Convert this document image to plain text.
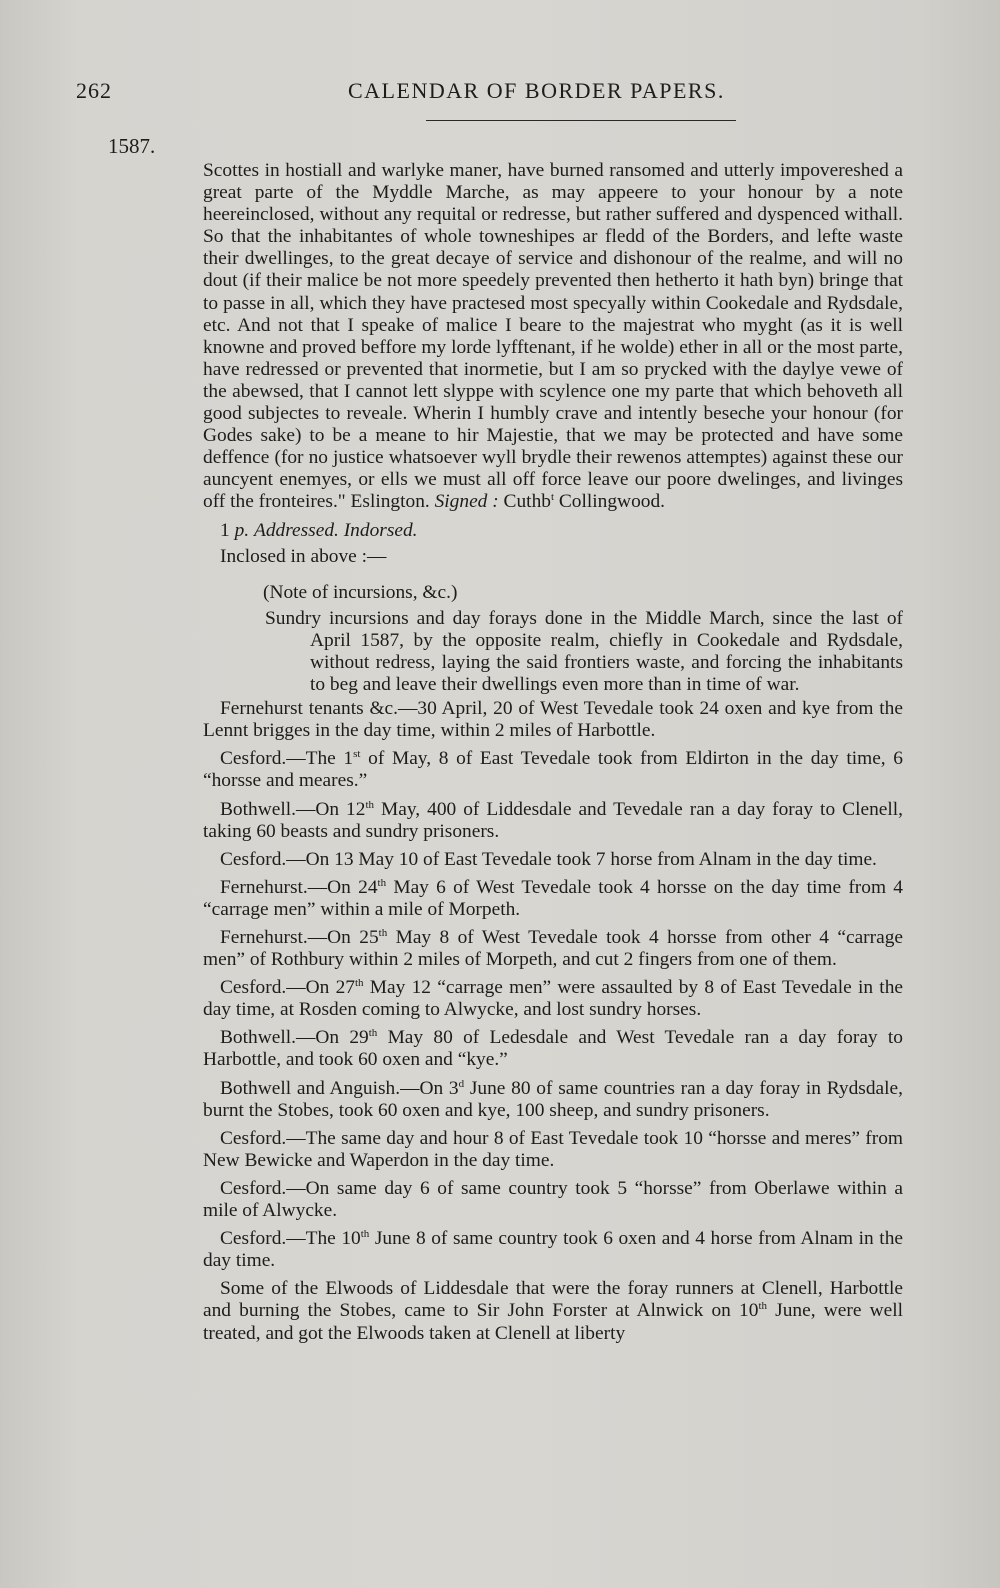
262	CALENDAR OF BORDER PAPERS.
1587.

Scottes in hostiall and warlyke maner, have burned ransomed and utterly impovereshed a great parte of the Myddle Marche, as may appeere to your honour by a note heereinclosed, without any requital or redresse, but rather suffered and dyspenced withall. So that the inhabitantes of whole towneshipes ar fledd of the Borders, and lefte waste their dwellinges, to the great decaye of service and dishonour of the realme, and will no dout (if their malice be not more speedely prevented then hetherto it hath byn) bringe that to passe in all, which they have practesed most specyally within Cookedale and Rydsdale, etc. And not that I speake of malice I beare to the majestrat who myght (as it is well knowne and proved beffore my lorde lyfftenant, if he wolde) ether in all or the most parte, have redressed or prevented that inormetie, but I am so prycked with the daylye vewe of the abewsed, that I cannot lett slyppe with scylence one my parte that which behoveth all good subjectes to reveale. Wherin I humbly crave and intently beseche your honour (for Godes sake) to be a meane to hir Majestie, that we may be protected and have some deffence (for no justice whatsoever wyll brydle their rewenos attemptes) against these our auncyent enemyes, or ells we must all off force leave our poore dwelinges, and livinges off the fronteires." Eslington. Signed : Cuthb$^t$ Collingwood.

1 p. Addressed. Indorsed.

Inclosed in above :—

(Note of incursions, &c.)

Sundry incursions and day forays done in the Middle March, since the last of April 1587, by the opposite realm, chiefly in Cookedale and Rydsdale, without redress, laying the said frontiers waste, and forcing the inhabitants to beg and leave their dwellings even more than in time of war.

Fernehurst tenants &c.—30 April, 20 of West Tevedale took 24 oxen and kye from the Lennt brigges in the day time, within 2 miles of Harbottle.

Cesford.—The 1st of May, 8 of East Tevedale took from Eldirton in the day time, 6 “horsse and meares.”

Bothwell.—On 12th May, 400 of Liddesdale and Tevedale ran a day foray to Clenell, taking 60 beasts and sundry prisoners.

Cesford.—On 13 May 10 of East Tevedale took 7 horse from Alnam in the day time.

Fernehurst.—On 24th May 6 of West Tevedale took 4 horsse on the day time from 4 “carrage men” within a mile of Morpeth.

Fernehurst.—On 25th May 8 of West Tevedale took 4 horsse from other 4 “carrage men” of Rothbury within 2 miles of Morpeth, and cut 2 fingers from one of them.

Cesford.—On 27th May 12 “carrage men” were assaulted by 8 of East Tevedale in the day time, at Rosden coming to Alwycke, and lost sundry horses.

Bothwell.—On 29th May 80 of Ledesdale and West Tevedale ran a day foray to Harbottle, and took 60 oxen and “kye.”

Bothwell and Anguish.—On 3$^d$ June 80 of same countries ran a day foray in Rydsdale, burnt the Stobes, took 60 oxen and kye, 100 sheep, and sundry prisoners.

Cesford.—The same day and hour 8 of East Tevedale took 10 “horsse and meres” from New Bewicke and Waperdon in the day time.

Cesford.—On same day 6 of same country took 5 “horsse” from Oberlawe within a mile of Alwycke.

Cesford.—The 10th June 8 of same country took 6 oxen and 4 horse from Alnam in the day time.

Some of the Elwoods of Liddesdale that were the foray runners at Clenell, Harbottle and burning the Stobes, came to Sir John Forster at Alnwick on 10th June, were well treated, and got the Elwoods taken at Clenell at liberty
